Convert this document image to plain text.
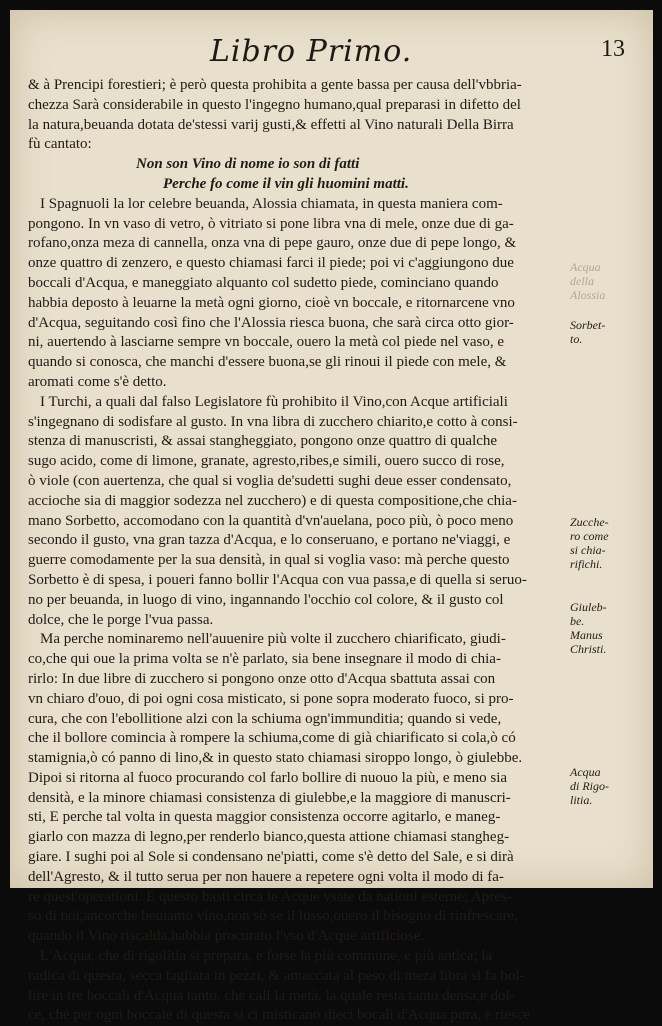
Libro Primo.	13
& à Prencipi forestieri; è però questa prohibita a gente bassa per causa dell'vbbria-
chezza Sarà considerabile in questo l'ingegno humano,qual preparasi in difetto del
la natura,beuanda dotata de'stessi varij gusti,& effetti al Vino naturali Della Birra
fù cantato:
Non son Vino di nome io son di fatti
Perche fo come il vin gli huomini matti.
I Spagnuoli la lor celebre beuanda, Alossia chiamata, in questa maniera com-
pongono. In vn vaso di vetro, ò vitriato si pone libra vna di mele, onze due di ga-
rofano,onza meza di cannella, onza vna di pepe gauro, onze due di pepe longo, &
onze quattro di zenzero, e questo chiamasi farci il piede; poi vi c'aggiungono due
boccali d'Acqua, e maneggiato alquanto col sudetto piede, cominciano quando
habbia deposto à leuarne la metà ogni giorno, cioè vn boccale, e ritornarcene vno
d'Acqua, seguitando così fino che l'Alossia riesca buona, che sarà circa otto gior-
ni, auertendo à lasciarne sempre vn boccale, ouero la metà col piede nel vaso, e
quando si conosca, che manchi d'essere buona,se gli rinoui il piede con mele, &
aromati come s'è detto.
I Turchi, a quali dal falso Legislatore fù prohibito il Vino,con Acque artificiali
s'ingegnano di sodisfare al gusto. In vna libra di zucchero chiarito,e cotto à consi-
stenza di manuscristi, & assai stangheggiato, pongono onze quattro di qualche
sugo acido, come di limone, granate, agresto,ribes,e simili, ouero succo di rose,
ò viole (con auertenza, che qual si voglia de'sudetti sughi deue esser condensato,
accioche sia di maggior sodezza nel zucchero) e di questa compositione,che chia-
mano Sorbetto, accomodano con la quantità d'vn'auelana, poco più, ò poco meno
secondo il gusto, vna gran tazza d'Acqua, e lo conseruano, e portano ne'viaggi, e
guerre comodamente per la sua densità, in qual si voglia vaso: mà perche questo
Sorbetto è di spesa, i poueri fanno bollir l'Acqua con vua passa,e di quella si seruo-
no per beuanda, in luogo di vino, ingannando l'occhio col colore, & il gusto col
dolce, che le porge l'vua passa.
Ma perche nominaremo nell'auuenire più volte il zucchero chiarificato, giudi-
co,che qui oue la prima volta se n'è parlato, sia bene insegnare il modo di chia-
rirlo: In due libre di zucchero si pongono onze otto d'Acqua sbattuta assai con
vn chiaro d'ouo, di poi ogni cosa misticato, si pone sopra moderato fuoco, si pro-
cura, che con l'ebollitione alzi con la schiuma ogn'immunditia; quando si vede,
che il bollore comincia à rompere la schiuma,come di già chiarificato si cola,ò có
stamignia,ò có panno di lino,& in questo stato chiamasi siroppo longo, ò giulebbe.
Dipoi si ritorna al fuoco procurando col farlo bollire di nuouo la più, e meno sia
densità, e la minore chiamasi consistenza di giulebbe,e la maggiore di manuscri-
sti, E perche tal volta in questa maggior consistenza occorre agitarlo, e maneg-
giarlo con mazza di legno,per renderlo bianco,questa attione chiamasi stangheg-
giare. I sughi poi al Sole si condensano ne'piatti, come s'è detto del Sale, e si dirà
dell'Agresto, & il tutto serua per non hauere a repetere ogni volta il modo di fa-
re quest'operationi. E questo basti circa le Acque vsate da nationi esterne; Apres-
so di noi,ancorche beuiamo vino,non sò se il lusso,ouero il bisogno di rinfrescare,
quando il Vino riscalda,habbia procurato l'vso d'Acque artificiose.
L'Acqua, che di rigolitia si prepara, e forse la più commune, e più antica; la
radica di questa, secca tagliata in pezzi, & amaccata al peso di meza libra si fa bol-
lire in tre boccali d'Acqua tanto, che cali la metà, la quale resta tanto densa,e dol-
ce, che per ogni boccale di questa si ci misticano dieci bocali d'Acqua pura, e riesce
Acqua
della
Alossia
Sorbet-
to.
Zucche-
ro come
si chia-
rifichi.
Giuleb-
be.
Manus
Christi.
Acqua
di Rigo-
litia.
